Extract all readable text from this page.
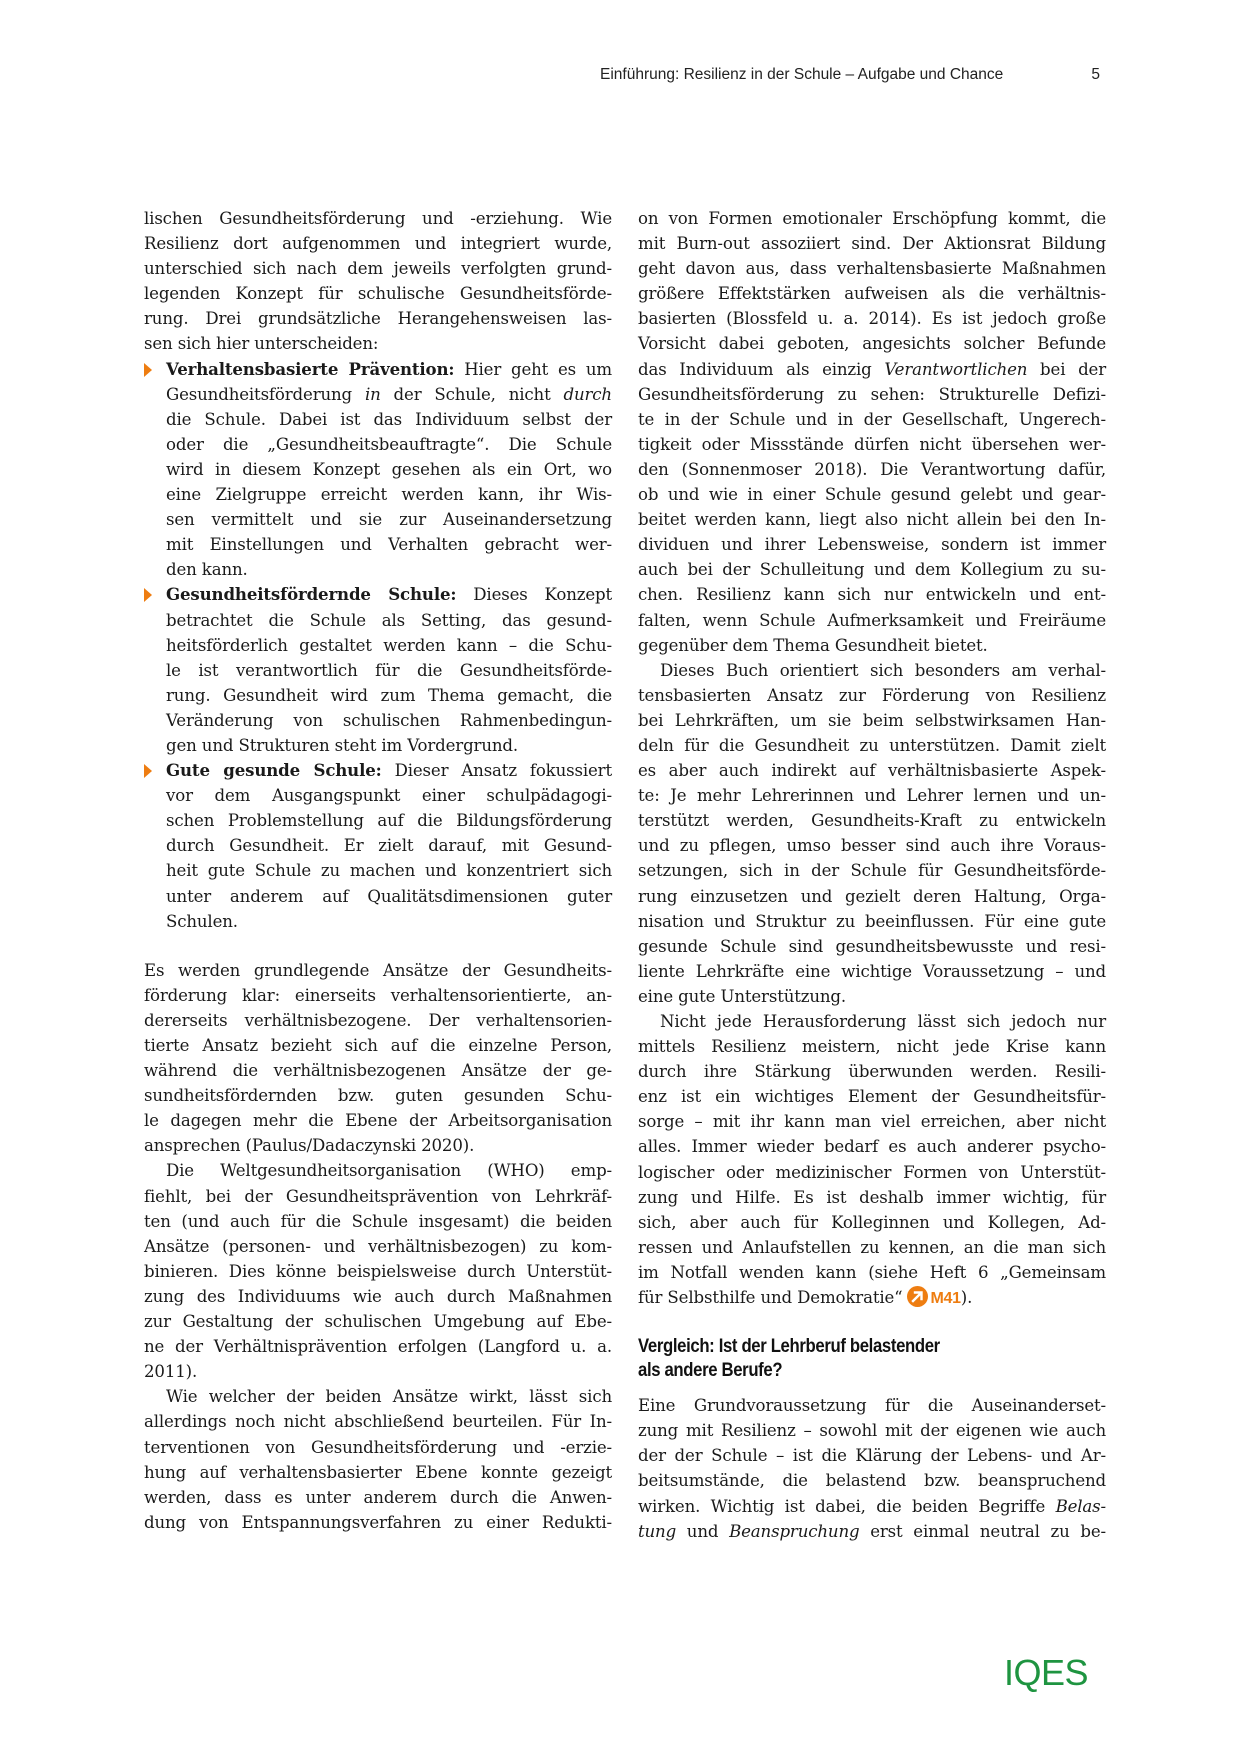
Einführung: Resilienz in der Schule – Aufgabe und Chance	5
lischen Gesundheitsförderung und -erziehung. Wie
Resilienz dort aufgenommen und integriert wurde,
unterschied sich nach dem jeweils verfolgten grund-
legenden Konzept für schulische Gesundheitsförde-
rung. Drei grundsätzliche Herangehensweisen las-
sen sich hier unterscheiden:
Verhaltensbasierte Prävention: Hier geht es um
Gesundheitsförderung in der Schule, nicht durch
die Schule. Dabei ist das Individuum selbst der
oder die „Gesundheitsbeauftragte“. Die Schule
wird in diesem Konzept gesehen als ein Ort, wo
eine Zielgruppe erreicht werden kann, ihr Wis-
sen vermittelt und sie zur Auseinandersetzung
mit Einstellungen und Verhalten gebracht wer-
den kann.
Gesundheitsfördernde Schule: Dieses Konzept
betrachtet die Schule als Setting, das gesund-
heitsförderlich gestaltet werden kann – die Schu-
le ist verantwortlich für die Gesundheitsförde-
rung. Gesundheit wird zum Thema gemacht, die
Veränderung von schulischen Rahmenbedingun-
gen und Strukturen steht im Vordergrund.
Gute gesunde Schule: Dieser Ansatz fokussiert
vor dem Ausgangspunkt einer schulpädagogi-
schen Problemstellung auf die Bildungsförderung
durch Gesundheit. Er zielt darauf, mit Gesund-
heit gute Schule zu machen und konzentriert sich
unter anderem auf Qualitätsdimensionen guter
Schulen.
Es werden grundlegende Ansätze der Gesundheits-
förderung klar: einerseits verhaltensorientierte, an-
dererseits verhältnisbezogene. Der verhaltensorien-
tierte Ansatz bezieht sich auf die einzelne Person,
während die verhältnisbezogenen Ansätze der ge-
sundheitsfördernden bzw. guten gesunden Schu-
le dagegen mehr die Ebene der Arbeitsorganisation
ansprechen (Paulus/Dadaczynski 2020).
Die Weltgesundheitsorganisation (WHO) emp-
fiehlt, bei der Gesundheitsprävention von Lehrkräf-
ten (und auch für die Schule insgesamt) die beiden
Ansätze (personen- und verhältnisbezogen) zu kom-
binieren. Dies könne beispielsweise durch Unterstüt-
zung des Individuums wie auch durch Maßnahmen
zur Gestaltung der schulischen Umgebung auf Ebe-
ne der Verhältnisprävention erfolgen (Langford u. a.
2011).
Wie welcher der beiden Ansätze wirkt, lässt sich
allerdings noch nicht abschließend beurteilen. Für In-
terventionen von Gesundheitsförderung und -erzie-
hung auf verhaltensbasierter Ebene konnte gezeigt
werden, dass es unter anderem durch die Anwen-
dung von Entspannungsverfahren zu einer Redukti-
on von Formen emotionaler Erschöpfung kommt, die
mit Burn-out assoziiert sind. Der Aktionsrat Bildung
geht davon aus, dass verhaltensbasierte Maßnahmen
größere Effektstärken aufweisen als die verhältnis-
basierten (Blossfeld u. a. 2014). Es ist jedoch große
Vorsicht dabei geboten, angesichts solcher Befunde
das Individuum als einzig Verantwortlichen bei der
Gesundheitsförderung zu sehen: Strukturelle Defizi-
te in der Schule und in der Gesellschaft, Ungerech-
tigkeit oder Missstände dürfen nicht übersehen wer-
den (Sonnenmoser 2018). Die Verantwortung dafür,
ob und wie in einer Schule gesund gelebt und gear-
beitet werden kann, liegt also nicht allein bei den In-
dividuen und ihrer Lebensweise, sondern ist immer
auch bei der Schulleitung und dem Kollegium zu su-
chen. Resilienz kann sich nur entwickeln und ent-
falten, wenn Schule Aufmerksamkeit und Freiräume
gegenüber dem Thema Gesundheit bietet.
Dieses Buch orientiert sich besonders am verhal-
tensbasierten Ansatz zur Förderung von Resilienz
bei Lehrkräften, um sie beim selbstwirksamen Han-
deln für die Gesundheit zu unterstützen. Damit zielt
es aber auch indirekt auf verhältnisbasierte Aspek-
te: Je mehr Lehrerinnen und Lehrer lernen und un-
terstützt werden, Gesundheits-Kraft zu entwickeln
und zu pflegen, umso besser sind auch ihre Voraus-
setzungen, sich in der Schule für Gesundheitsförde-
rung einzusetzen und gezielt deren Haltung, Orga-
nisation und Struktur zu beeinflussen. Für eine gute
gesunde Schule sind gesundheitsbewusste und resi-
liente Lehrkräfte eine wichtige Voraussetzung – und
eine gute Unterstützung.
Nicht jede Herausforderung lässt sich jedoch nur
mittels Resilienz meistern, nicht jede Krise kann
durch ihre Stärkung überwunden werden. Resili-
enz ist ein wichtiges Element der Gesundheitsfür-
sorge – mit ihr kann man viel erreichen, aber nicht
alles. Immer wieder bedarf es auch anderer psycho-
logischer oder medizinischer Formen von Unterstüt-
zung und Hilfe. Es ist deshalb immer wichtig, für
sich, aber auch für Kolleginnen und Kollegen, Ad-
ressen und Anlaufstellen zu kennen, an die man sich
im Notfall wenden kann (siehe Heft 6 „Gemeinsam
für Selbsthilfe und Demokratie“ M41).
Vergleich: Ist der Lehrberuf belastender
als andere Berufe?
Eine Grundvoraussetzung für die Auseinanderset-
zung mit Resilienz – sowohl mit der eigenen wie auch
der der Schule – ist die Klärung der Lebens- und Ar-
beitsumstände, die belastend bzw. beanspruchend
wirken. Wichtig ist dabei, die beiden Begriffe Belas-
tung und Beanspruchung erst einmal neutral zu be-
IQES
